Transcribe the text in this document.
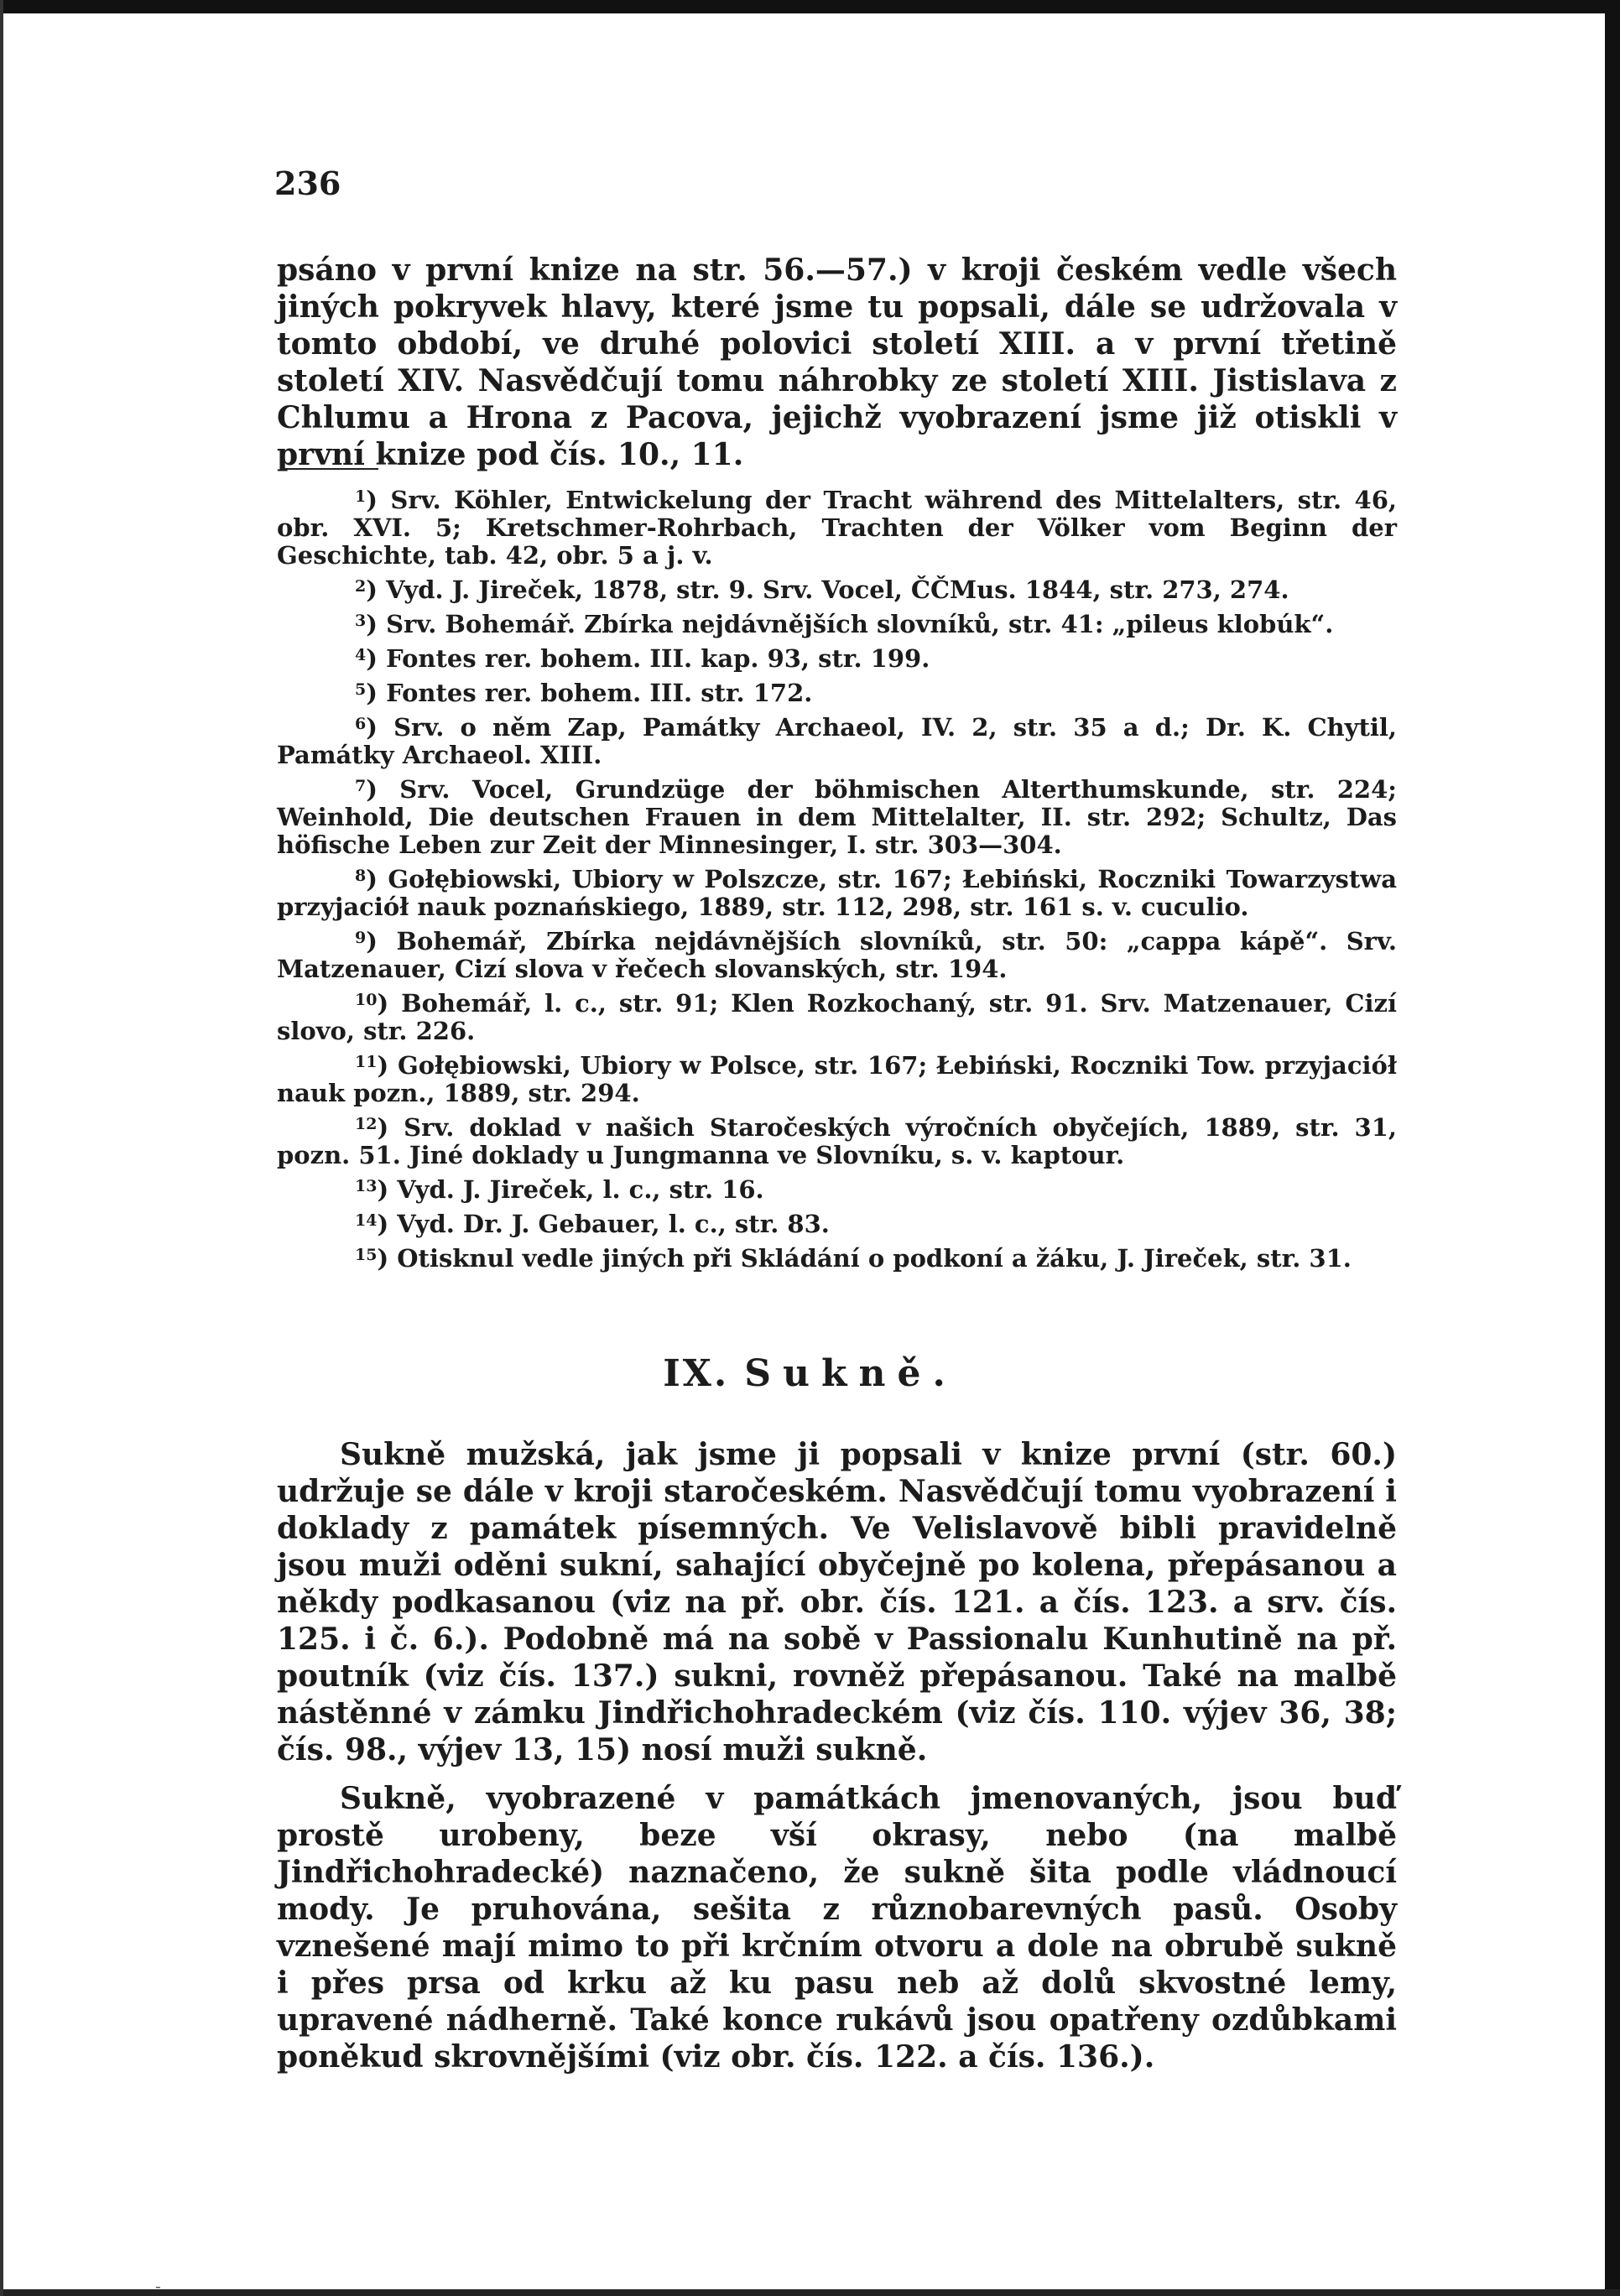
236

psáno v první knize na str. 56.—57.) v kroji českém vedle všech jiných pokryvek hlavy, které jsme tu popsali, dále se udržovala v tomto období, ve druhé polovici století XIII. a v první třetině století XIV. Nasvědčují tomu náhrobky ze století XIII. Jistislava z Chlumu a Hrona z Pacova, jejichž vyobrazení jsme již otiskli v první knize pod čís. 10., 11.

$^1$) Srv. Köhler, Entwickelung der Tracht während des Mittelalters, str. 46, obr. XVI. 5; Kretschmer-Rohrbach, Trachten der Völker vom Beginn der Geschichte, tab. 42, obr. 5 a j. v.

$^2$) Vyd. J. Jireček, 1878, str. 9. Srv. Vocel, ČČMus. 1844, str. 273, 274.

$^3$) Srv. Bohemář. Zbírka nejdávnějších slovníků, str. 41: „pileus klobúk“.

$^4$) Fontes rer. bohem. III. kap. 93, str. 199.

$^5$) Fontes rer. bohem. III. str. 172.

$^6$) Srv. o něm Zap, Památky Archaeol, IV. 2, str. 35 a d.; Dr. K. Chytil, Památky Archaeol. XIII.

$^7$) Srv. Vocel, Grundzüge der böhmischen Alterthumskunde, str. 224; Weinhold, Die deutschen Frauen in dem Mittelalter, II. str. 292; Schultz, Das höfische Leben zur Zeit der Minnesinger, I. str. 303—304.

$^8$) Gołębiowski, Ubiory w Polszcze, str. 167; Łebiński, Roczniki Towarzystwa przyjaciół nauk poznańskiego, 1889, str. 112, 298, str. 161 s. v. cuculio.

$^9$) Bohemář, Zbírka nejdávnějších slovníků, str. 50: „cappa kápě“. Srv. Matzenauer, Cizí slova v řečech slovanských, str. 194.

$^{10}$) Bohemář, l. c., str. 91; Klen Rozkochaný, str. 91. Srv. Matzenauer, Cizí slovo, str. 226.

$^{11}$) Gołębiowski, Ubiory w Polsce, str. 167; Łebiński, Roczniki Tow. przyjaciół nauk pozn., 1889, str. 294.

$^{12}$) Srv. doklad v našich Staročeských výročních obyčejích, 1889, str. 31, pozn. 51. Jiné doklady u Jungmanna ve Slovníku, s. v. kaptour.

$^{13}$) Vyd. J. Jireček, l. c., str. 16.

$^{14}$) Vyd. Dr. J. Gebauer, l. c., str. 83.

$^{15}$) Otisknul vedle jiných při Skládání o podkoní a žáku, J. Jireček, str. 31.

IX. Sukně.

Sukně mužská, jak jsme ji popsali v knize první (str. 60.) udržuje se dále v kroji staročeském. Nasvědčují tomu vyobrazení i doklady z památek písemných. Ve Velislavově bibli pravidelně jsou muži oděni sukní, sahající obyčejně po kolena, přepásanou a někdy podkasanou (viz na př. obr. čís. 121. a čís. 123. a srv. čís. 125. i č. 6.). Podobně má na sobě v Passionalu Kunhutině na př. poutník (viz čís. 137.) sukni, rovněž přepásanou. Také na malbě nástěnné v zámku Jindřichohradeckém (viz čís. 110. výjev 36, 38; čís. 98., výjev 13, 15) nosí muži sukně.

Sukně, vyobrazené v památkách jmenovaných, jsou buď prostě urobeny, beze vší okrasy, nebo (na malbě Jindřichohradecké) naznačeno, že sukně šita podle vládnoucí mody. Je pruhována, sešita z různobarevných pasů. Osoby vznešené mají mimo to při krčním otvoru a dole na obrubě sukně i přes prsa od krku až ku pasu neb až dolů skvostné lemy, upravené nádherně. Také konce rukávů jsou opatřeny ozdůbkami poněkud skrovnějšími (viz obr. čís. 122. a čís. 136.).

-
